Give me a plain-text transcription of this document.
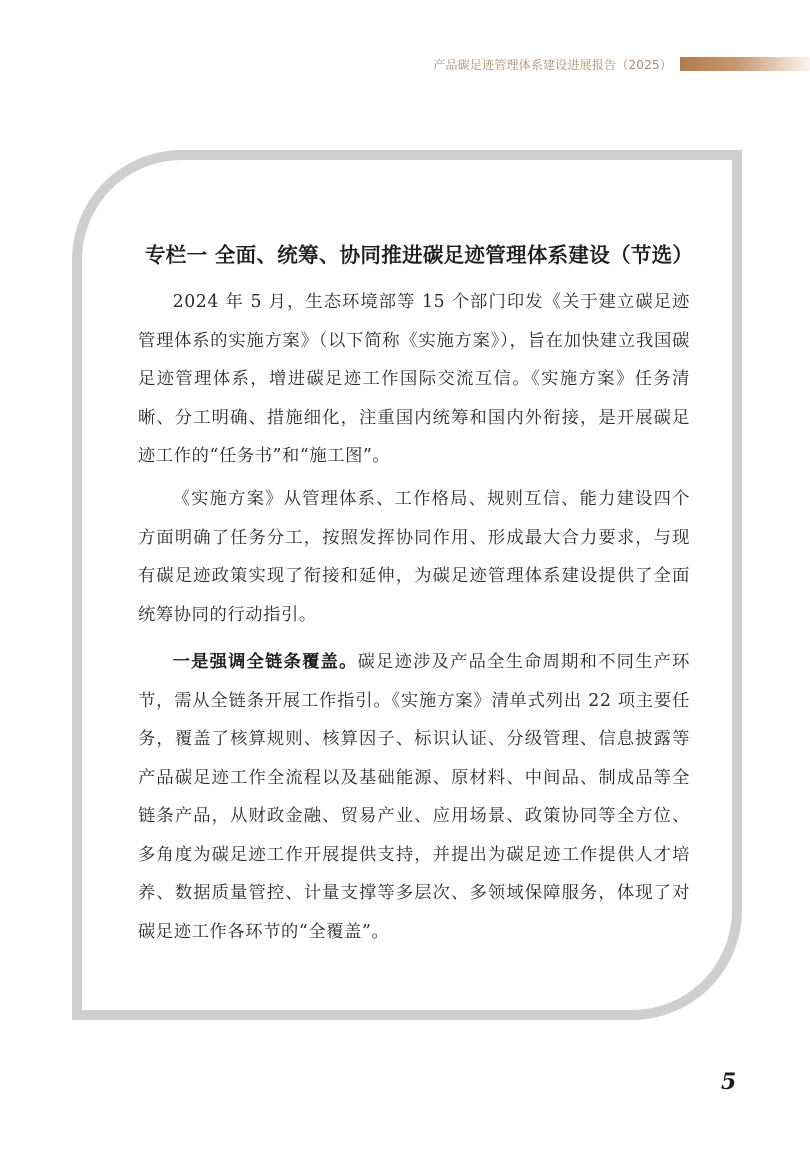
产品碳足迹管理体系建设进展报告（2025）
专栏一 全面、统筹、协同推进碳足迹管理体系建设（节选）

2024 年 5 月，生态环境部等 15 个部门印发《关于建立碳足迹管理体系的实施方案》（以下简称《实施方案》），旨在加快建立我国碳足迹管理体系，增进碳足迹工作国际交流互信。《实施方案》任务清晰、分工明确、措施细化，注重国内统筹和国内外衔接，是开展碳足迹工作的“任务书”和“施工图”。

《实施方案》从管理体系、工作格局、规则互信、能力建设四个方面明确了任务分工，按照发挥协同作用、形成最大合力要求，与现有碳足迹政策实现了衔接和延伸，为碳足迹管理体系建设提供了全面统筹协同的行动指引。

一是强调全链条覆盖。碳足迹涉及产品全生命周期和不同生产环节，需从全链条开展工作指引。《实施方案》清单式列出 22 项主要任务，覆盖了核算规则、核算因子、标识认证、分级管理、信息披露等产品碳足迹工作全流程以及基础能源、原材料、中间品、制成品等全链条产品，从财政金融、贸易产业、应用场景、政策协同等全方位、多角度为碳足迹工作开展提供支持，并提出为碳足迹工作提供人才培养、数据质量管控、计量支撑等多层次、多领域保障服务，体现了对碳足迹工作各环节的“全覆盖”。

5
